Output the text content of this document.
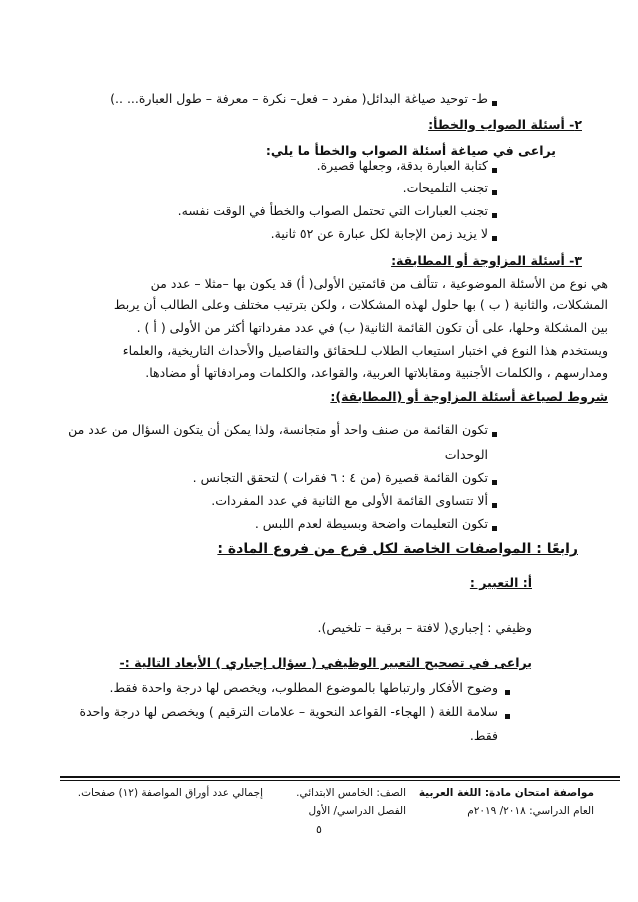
ط- توحيد صياغة البدائل( مفرد – فعل– نكرة – معرفة – طول العبارة... ..)

٢- أسئلة الصواب والخطأ:

يراعى في صياغة أسئلة الصواب والخطأ ما يلي:

كتابة العبارة بدقة، وجعلها قصيرة.

تجنب التلميحات.

تجنب العبارات التي تحتمل الصواب والخطأ في الوقت نفسه.

لا يزيد زمن الإجابة لكل عبارة عن ٥٢ ثانية.

٣- أسئلة المزاوجة أو المطابقة:

هي نوع من الأسئلة الموضوعية ، تتألف من قائمتين الأولى( أ) قد يكون بها –مثلا – عدد من

المشكلات، والثانية ( ب ) بها حلول لهذه المشكلات ، ولكن بترتيب مختلف وعلى الطالب أن يربط

بين المشكلة وحلها، على أن تكون القائمة الثانية( ب) في عدد مفرداتها أكثر من الأولى ( أ ) .

ويستخدم هذا النوع في اختبار استيعاب الطلاب لـلحقائق والتفاصيل والأحداث التاريخية، والعلماء

ومدارسهم ، والكلمات الأجنبية ومقابلاتها العربية، والقواعد، والكلمات ومرادفاتها أو مضادها.

شروط لصياغة أسئلة المزاوجة أو (المطابقة):

تكون القائمة من صنف واحد أو متجانسة، ولذا يمكن أن يتكون السؤال من عدد من

الوحدات

تكون القائمة قصيرة (من ٤ : ٦ فقرات ) لتحقق التجانس .

ألا تتساوى القائمة الأولى مع الثانية في عدد المفردات.

تكون التعليمات واضحة وبسيطة لعدم اللبس .

رابعًا : المواصفات الخاصة لكل فرع من فروع المادة :

أ: التعبير :

وظيفي : إجباري( لافتة – برقية – تلخيص).

يراعى في تصحيح التعبير الوظيفي ( سؤال إجباري ) الأبعاد التالية :-

وضوح الأفكار وارتباطها بالموضوع المطلوب، ويخصص لها درجة واحدة فقط.

سلامة اللغة ( الهجاء- القواعد النحوية – علامات الترقيم ) ويخصص لها درجة واحدة

فقط.

مواصفة امتحان مادة: اللغة العربية
العام الدراسي: ٢٠١٨/ ٢٠١٩م
الصف: الخامس الابتدائي.
الفصل الدراسي/ الأول
إجمالي عدد أوراق المواصفة (١٢) صفحات.
٥
